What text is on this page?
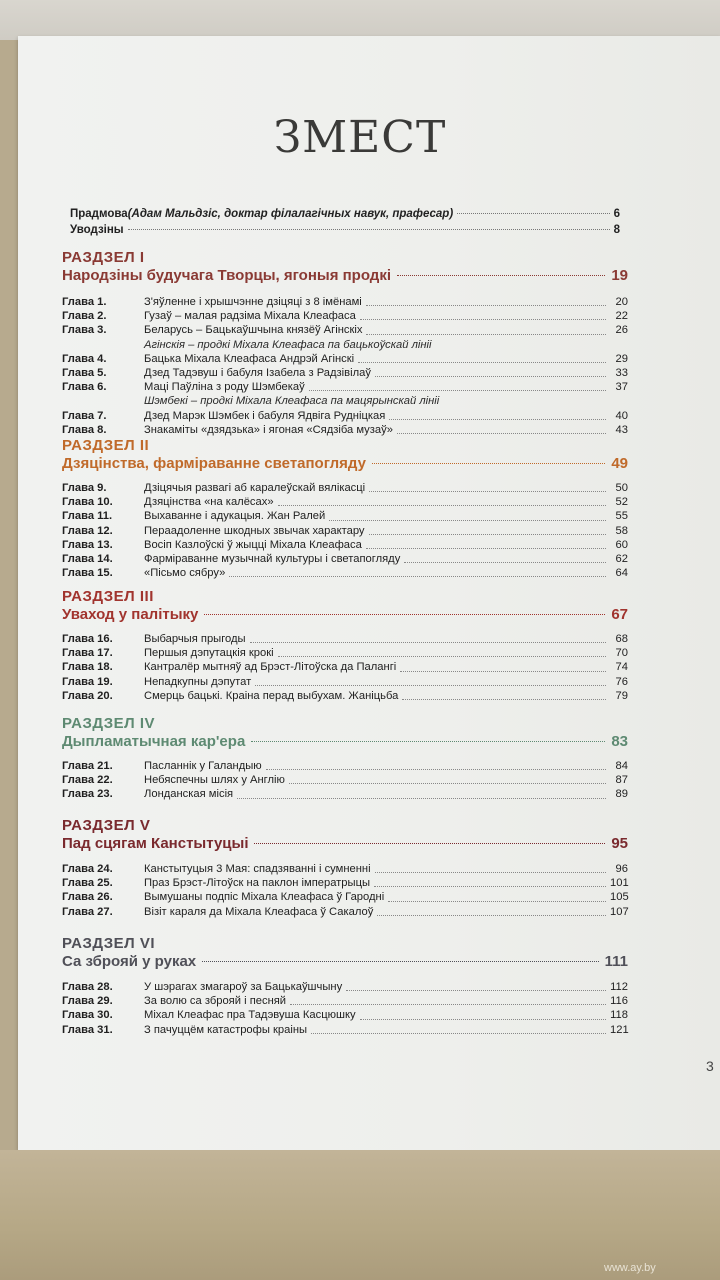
ЗМЕСТ
Прадмова (Адам Мальдзіс, доктар філалагічных навук, прафесар)	6
Уводзіны	8
РАЗДЗЕЛ I
Народзіны будучага Творцы, ягоныя продкі	19
Глава 1.	З'яўленне і хрышчэнне дзіцяці з 8 імёнамі	20
Глава 2.	Гузаў – малая радзіма Міхала Клеафаса	22
Глава 3.	Беларусь – Бацькаўшчына князёў Агінскіх	26
Агінскія – продкі Міхала Клеафаса па бацькоўскай лініі
Глава 4.	Бацька Міхала Клеафаса Андрэй Агінскі	29
Глава 5.	Дзед Тадэвуш і бабуля Ізабела з Радзівілаў	33
Глава 6.	Маці Паўліна з роду Шэмбекаў	37
Шэмбекі – продкі Міхала Клеафаса па мацярынскай лініі
Глава 7.	Дзед Марэк Шэмбек і бабуля Ядвіга Рудніцкая	40
Глава 8.	Знакаміты «дзядзька» і ягоная «Сядзіба музаў»	43
РАЗДЗЕЛ II
Дзяцінства, фарміраванне светапогляду	49
Глава 9.	Дзіцячыя развагі аб каралеўскай вялікасці	50
Глава 10.	Дзяцінства «на калёсах»	52
Глава 11.	Выхаванне і адукацыя. Жан Ралей	55
Глава 12.	Пераадоленне шкодных звычак характару	58
Глава 13.	Восіп Казлоўскі ў жыцці Міхала Клеафаса	60
Глава 14.	Фарміраванне музычнай культуры і светапогляду	62
Глава 15.	«Пісьмо сябру»	64
РАЗДЗЕЛ III
Уваход у палітыку	67
Глава 16.	Выбарчыя прыгоды	68
Глава 17.	Першыя дэпутацкія крокі	70
Глава 18.	Кантралёр мытняў ад Брэст-Літоўска да Палангі	74
Глава 19.	Непадкупны дэпутат	76
Глава 20.	Смерць бацькі. Краіна перад выбухам. Жаніцьба	79
РАЗДЗЕЛ IV
Дыпламатычная кар'ера	83
Глава 21.	Пасланнік у Галандыю	84
Глава 22.	Небяспечны шлях у Англію	87
Глава 23.	Лонданская місія	89
РАЗДЗЕЛ V
Пад сцягам Канстытуцыі	95
Глава 24.	Канстытуцыя 3 Мая: спадзяванні і сумненні	96
Глава 25.	Праз Брэст-Літоўск на паклон імператрыцы	101
Глава 26.	Вымушаны подпіс Міхала Клеафаса ў Гародні	105
Глава 27.	Візіт караля да Міхала Клеафаса ў Сакалоў	107
РАЗДЗЕЛ VI
Са зброяй у руках	111
Глава 28.	У шэрагах змагароў за Бацькаўшчыну	112
Глава 29.	За волю са зброяй і песняй	116
Глава 30.	Міхал Клеафас пра Тадэвуша Касцюшку	118
Глава 31.	З пачуццём катастрофы краіны	121
3
www.ay.by
